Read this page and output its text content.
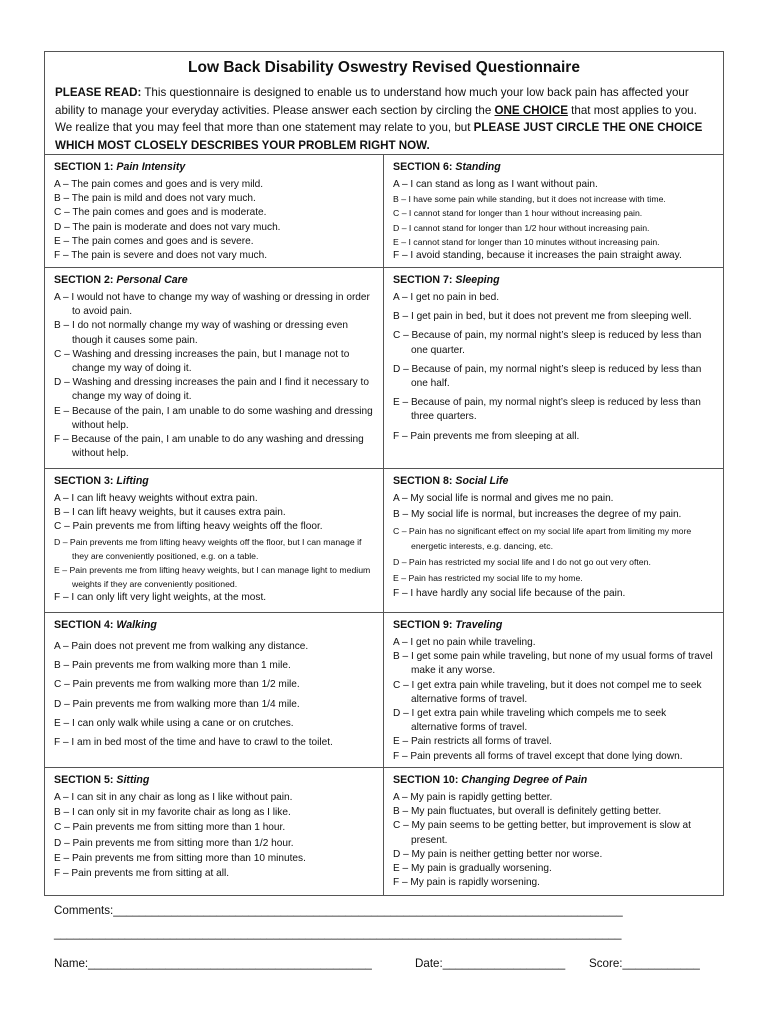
Low Back Disability Oswestry Revised Questionnaire

PLEASE READ: This questionnaire is designed to enable us to understand how much your low back pain has affected your ability to manage your everyday activities. Please answer each section by circling the ONE CHOICE that most applies to you. We realize that you may feel that more than one statement may relate to you, but PLEASE JUST CIRCLE THE ONE CHOICE WHICH MOST CLOSELY DESCRIBES YOUR PROBLEM RIGHT NOW.

SECTION 1: Pain Intensity

A – The pain comes and goes and is very mild.

B – The pain is mild and does not vary much.

C – The pain comes and goes and is moderate.

D – The pain is moderate and does not vary much.

E – The pain comes and goes and is severe.

F – The pain is severe and does not vary much.

SECTION 6: Standing

A – I can stand as long as I want without pain.

B – I have some pain while standing, but it does not increase with time.

C – I cannot stand for longer than 1 hour without increasing pain.

D – I cannot stand for longer than 1/2 hour without increasing pain.

E – I cannot stand for longer than 10 minutes without increasing pain.

F – I avoid standing, because it increases the pain straight away.

SECTION 2: Personal Care

A – I would not have to change my way of washing or dressing in order to avoid pain.

B – I do not normally change my way of washing or dressing even though it causes some pain.

C – Washing and dressing increases the pain, but I manage not to change my way of doing it.

D – Washing and dressing increases the pain and I find it necessary to change my way of doing it.

E – Because of the pain, I am unable to do some washing and dressing without help.

F – Because of the pain, I am unable to do any washing and dressing without help.

SECTION 7: Sleeping

A – I get no pain in bed.

B – I get pain in bed, but it does not prevent me from sleeping well.

C – Because of pain, my normal night’s sleep is reduced by less than one quarter.

D – Because of pain, my normal night’s sleep is reduced by less than one half.

E – Because of pain, my normal night’s sleep is reduced by less than three quarters.

F – Pain prevents me from sleeping at all.

SECTION 3: Lifting

A – I can lift heavy weights without extra pain.

B – I can lift heavy weights, but it causes extra pain.

C – Pain prevents me from lifting heavy weights off the floor.

D – Pain prevents me from lifting heavy weights off the floor, but I can manage if they are conveniently positioned, e.g. on a table.

E – Pain prevents me from lifting heavy weights, but I can manage light to medium weights if they are conveniently positioned.

F – I can only lift very light weights, at the most.

SECTION 8: Social Life

A – My social life is normal and gives me no pain.

B – My social life is normal, but increases the degree of my pain.

C – Pain has no significant effect on my social life apart from limiting my more energetic interests, e.g. dancing, etc.

D – Pain has restricted my social life and I do not go out very often.

E – Pain has restricted my social life to my home.

F – I have hardly any social life because of the pain.

SECTION 4: Walking

A – Pain does not prevent me from walking any distance.

B – Pain prevents me from walking more than 1 mile.

C – Pain prevents me from walking more than 1/2 mile.

D – Pain prevents me from walking more than 1/4 mile.

E – I can only walk while using a cane or on crutches.

F – I am in bed most of the time and have to crawl to the toilet.

SECTION 9: Traveling

A – I get no pain while traveling.

B – I get some pain while traveling, but none of my usual forms of travel make it any worse.

C – I get extra pain while traveling, but it does not compel me to seek alternative forms of travel.

D – I get extra pain while traveling which compels me to seek alternative forms of travel.

E – Pain restricts all forms of travel.

F – Pain prevents all forms of travel except that done lying down.

SECTION 5: Sitting

A – I can sit in any chair as long as I like without pain.

B – I can only sit in my favorite chair as long as I like.

C – Pain prevents me from sitting more than 1 hour.

D – Pain prevents me from sitting more than 1/2 hour.

E – Pain prevents me from sitting more than 10 minutes.

F – Pain prevents me from sitting at all.

SECTION 10: Changing Degree of Pain

A – My pain is rapidly getting better.

B – My pain fluctuates, but overall is definitely getting better.

C – My pain seems to be getting better, but improvement is slow at present.

D – My pain is neither getting better nor worse.

E – My pain is gradually worsening.

F – My pain is rapidly worsening.

Comments:_______________________________________________________________________________
________________________________________________________________________________________
Name:____________________________________________	Date:___________________ Score:____________
